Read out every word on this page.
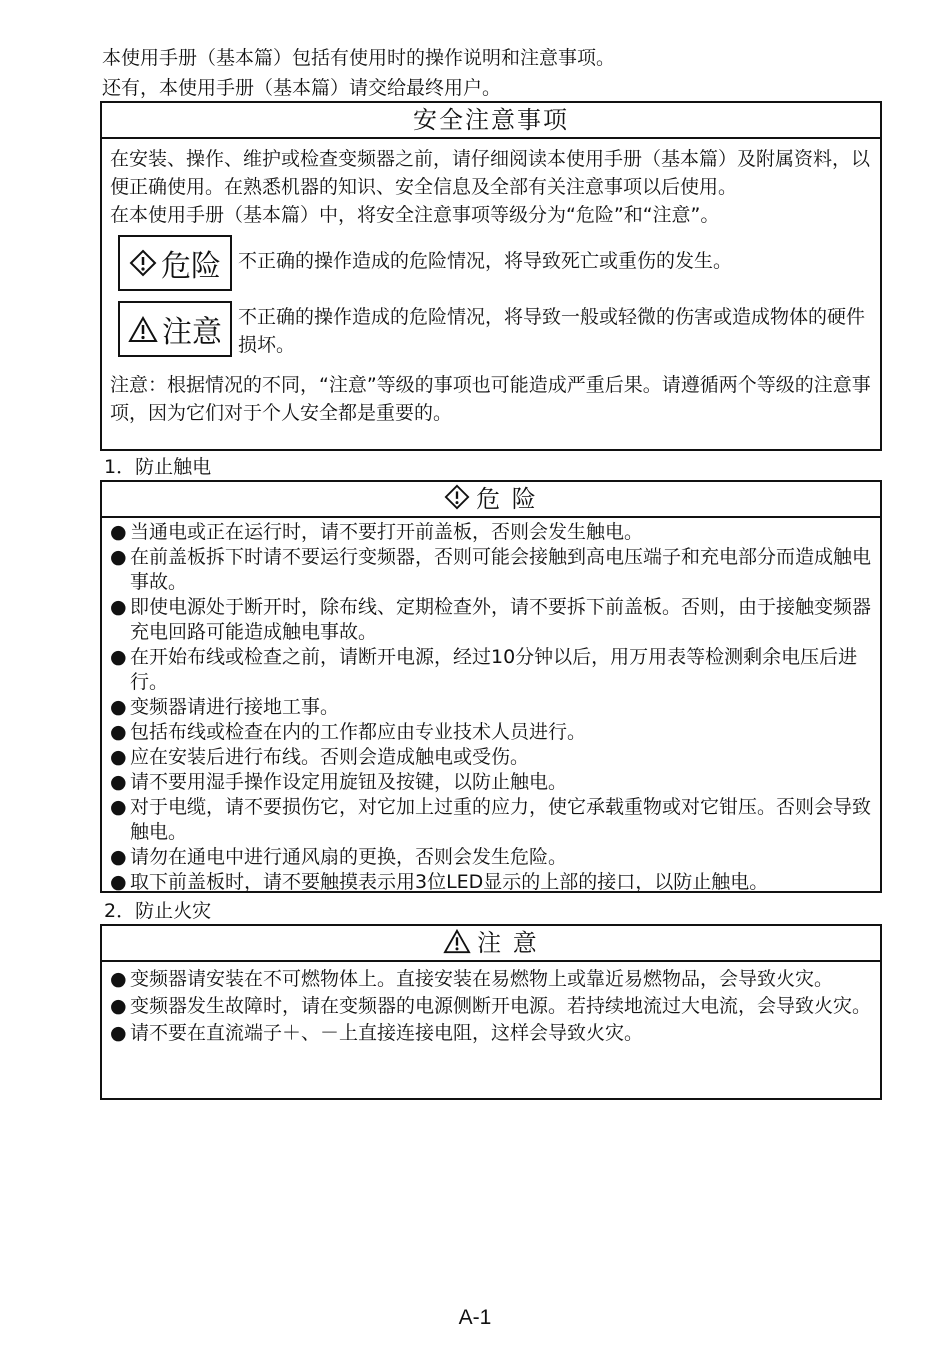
本使用手册（基本篇）包括有使用时的操作说明和注意事项。
还有，本使用手册（基本篇）请交给最终用户。
安全注意事项
在安装、操作、维护或检查变频器之前，请仔细阅读本使用手册（基本篇）及附属资料，以便正确使用。在熟悉机器的知识、安全信息及全部有关注意事项以后使用。
在本使用手册（基本篇）中，将安全注意事项等级分为“危险”和“注意”。
危险 不正确的操作造成的危险情况，将导致死亡或重伤的发生。
注意 不正确的操作造成的危险情况，将导致一般或轻微的伤害或造成物体的硬件损坏。
注意：根据情况的不同，“注意”等级的事项也可能造成严重后果。请遵循两个等级的注意事项，因为它们对于个人安全都是重要的。
1．防止触电
危 险
● 当通电或正在运行时，请不要打开前盖板，否则会发生触电。
● 在前盖板拆下时请不要运行变频器，否则可能会接触到高电压端子和充电部分而造成触电事故。
● 即使电源处于断开时，除布线、定期检查外，请不要拆下前盖板。否则，由于接触变频器充电回路可能造成触电事故。
● 在开始布线或检查之前，请断开电源，经过10分钟以后，用万用表等检测剩余电压后进行。
● 变频器请进行接地工事。
● 包括布线或检查在内的工作都应由专业技术人员进行。
● 应在安装后进行布线。否则会造成触电或受伤。
● 请不要用湿手操作设定用旋钮及按键，以防止触电。
● 对于电缆，请不要损伤它，对它加上过重的应力，使它承载重物或对它钳压。否则会导致触电。
● 请勿在通电中进行通风扇的更换，否则会发生危险。
● 取下前盖板时，请不要触摸表示用3位LED显示的上部的接口，以防止触电。
2．防止火灾
注 意
● 变频器请安装在不可燃物体上。直接安装在易燃物上或靠近易燃物品，会导致火灾。
● 变频器发生故障时，请在变频器的电源侧断开电源。若持续地流过大电流，会导致火灾。
● 请不要在直流端子＋、－上直接连接电阻，这样会导致火灾。
A-1
